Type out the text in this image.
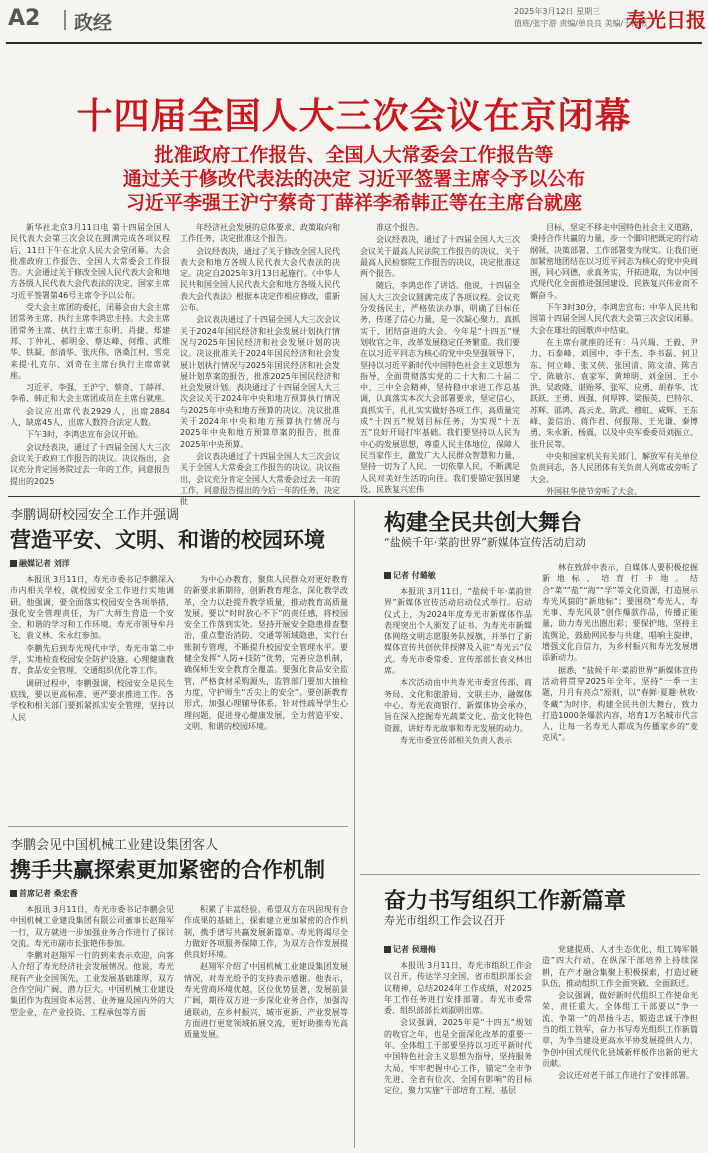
A2 政经
2025年3月12日 星期三
值班/张宇游 责编/单良良 美编/于梅燕
寿光日报
十四届全国人大三次会议在京闭幕
批准政府工作报告、全国人大常委会工作报告等
通过关于修改代表法的决定 习近平签署主席令予以公布
习近平李强王沪宁蔡奇丁薛祥李希韩正等在主席台就座

新华社北京3月11日电 第十四届全国人民代表大会第三次会议在圆满完成各项议程后，11日下午在北京人民大会堂闭幕。大会批准政府工作报告、全国人大常委会工作报告。大会通过关于修改全国人民代表大会和地方各级人民代表大会代表法的决定，国家主席习近平签署第46号主席令予以公布。

受大会主席团的委托，闭幕会由大会主席团常务主席、执行主席李鸿忠主持。大会主席团常务主席、执行主席王东明、肖捷、郑建邦、丁仲礼、郝明金、蔡达峰、何维、武维华、铁凝、彭清华、张庆伟、洛桑江村、雪克来提·扎克尔、刘奇在主席台执行主席席就座。

习近平、李强、王沪宁、蔡奇、丁薛祥、李希、韩正和大会主席团成员在主席台就座。

会议应出席代表2929人，出席2884人，缺席45人，出席人数符合法定人数。

下午3时，李鸿忠宣布会议开始。

会议经表决，通过了十四届全国人大三次会议关于政府工作报告的决议。决议指出，会议充分肯定国务院过去一年的工作，同意报告提出的2025

年经济社会发展的总体要求、政策取向和工作任务，决定批准这个报告。

会议经表决，通过了关于修改全国人民代表大会和地方各级人民代表大会代表法的决定。决定自2025年3月13日起施行。《中华人民共和国全国人民代表大会和地方各级人民代表大会代表法》根据本决定作相应修改，重新公布。

会议表决通过了十四届全国人大三次会议关于2024年国民经济和社会发展计划执行情况与2025年国民经济和社会发展计划的决议。决议批准关于2024年国民经济和社会发展计划执行情况与2025年国民经济和社会发展计划草案的报告，批准2025年国民经济和社会发展计划。表决通过了十四届全国人大三次会议关于2024年中央和地方预算执行情况与2025年中央和地方预算的决议。决议批准关于2024年中央和地方预算执行情况与2025年中央和地方预算草案的报告，批准2025年中央预算。

会议表决通过了十四届全国人大三次会议关于全国人大常委会工作报告的决议。决议指出，会议充分肯定全国人大常委会过去一年的工作，同意报告提出的今后一年的任务，决定批

准这个报告。

会议经表决，通过了十四届全国人大三次会议关于最高人民法院工作报告的决议、关于最高人民检察院工作报告的决议，决定批准这两个报告。

随后，李鸿忠作了讲话。他说，十四届全国人大三次会议圆满完成了各项议程。会议充分发扬民主，严格依法办事，明确了目标任务，传递了信心力量，是一次凝心聚力、真抓实干、团结奋进的大会。今年是“十四五”规划收官之年，改革发展稳定任务繁重。我们要在以习近平同志为核心的党中央坚强领导下，坚持以习近平新时代中国特色社会主义思想为指导，全面贯彻落实党的二十大和二十届二中、三中全会精神，坚持稳中求进工作总基调，认真落实本次大会部署要求，坚定信心，真抓实干，扎扎实实做好各项工作，高质量完成“十四五”规划目标任务，为实现“十五五”良好开局打牢基础。我们要坚持以人民为中心的发展思想，尊重人民主体地位，保障人民当家作主，激发广大人民群众智慧和力量，坚持一切为了人民、一切依靠人民，不断满足人民对美好生活的向往。我们要锚定强国建设、民族复兴宏伟

目标，坚定不移走中国特色社会主义道路，秉持合作共赢的力量，步一个脚印把既定的行动纲领、决策部署、工作部署变为现实。让我们更加紧密地团结在以习近平同志为核心的党中央周围，同心同德，求真务实，开拓进取，为以中国式现代化全面推进强国建设、民族复兴伟业而不懈奋斗。

下午3时30分，李鸿忠宣布：中华人民共和国第十四届全国人民代表大会第三次会议闭幕。大会在雄壮的国歌声中结束。

在主席台就座的还有：马兴瑞、王毅、尹力、石泰峰、刘国中、李干杰、李书磊、何卫东、何立峰、张又侠、张国清、陈文清、陈吉宁、陈敏尔、袁家军、黄坤明、刘金国、王小洪、吴政隆、谌贻琴、张军、应勇、胡春华、沈跃跃、王勇、周强、何厚铧、梁振英、巴特尔、苏辉、邵鸿、高云龙、陈武、穆虹、咸辉、王东峰、姜信治、蒋作君、何报翔、王光谦、秦博勇、朱永新、杨震，以及中央军委委员刘振立、张升民等。

中央和国家机关有关部门、解放军有关单位负责同志，各人民团体有关负责人列席或旁听了大会。

外国驻华使节旁听了大会。

李鹏调研校园安全工作并强调
营造平安、文明、和谐的校园环境
融媒记者 刘洋

本报讯 3月11日，寿光市委书记李鹏深入市内相关学校，就校园安全工作进行实地调研。他强调，要全面落实校园安全各项举措，强化安全管理责任，为广大师生营造一个安全、和谐的学习和工作环境。寿光市领导牟丹飞、袁义林、朱永红参加。

李鹏先后到寿光现代中学、寿光市第二中学，实地检查校园安全防护设施、心理健康教育、食品安全管理、交通组织优化等工作。

调研过程中，李鹏强调，校园安全是民生底线，要以更高标准、更严要求推进工作。各学校和相关部门要抓紧抓实安全管理，坚持以人民

为中心办教育，聚焦人民群众对更好教育的新要求新期待，创新教育理念，深化教学改革，全力以赴提升教学质量，推动教育高质量发展。要以“时时放心不下”的责任感，将校园安全工作落到实处。坚持开展安全隐患排查整治，重点整治消防、交通等领域隐患，实行台账制专管理，不断提升校园安全管理水平。要健全发挥“人防+技防”优势，完善应急机制，确保师生安全教育全覆盖。要强化食品安全监管，严格食材采购源头，监管部门要加大抽检力度，守护师生“舌尖上的安全”。要创新教育形式，加强心理辅导体系，针对性疏导学生心理问题，促进身心健康发展，全力营造平安、文明、和谐的校园环境。

构建全民共创大舞台
“盐候千年·菜韵世界”新媒体宣传活动启动
记者 付璐敏

本报讯 3月11日，“盐候千年·菜韵世界”新媒体宣传活动启动仪式举行。启动仪式上，为2024年度寿光市新媒体作品表现突出个人颁发了证书。为寿光市新媒体网络文明志愿服务队授旗，并举行了新媒体宣传共创伙伴授牌及入驻“寿光云”仪式。寿光市委常委、宣传部部长袁义林出席。

本次活动由中共寿光市委宣传部、商务局、文化和旅游局、文联主办，融媒体中心、寿光农商银行、新媒体协会承办，旨在深入挖掘寿光蔬菜文化、盐文化特色资源，讲好寿光故事和寿光发展的动力。

寿光市委宣传部相关负责人表示

林在致辞中表示，自媒体人要积极挖掘新地标、培育打卡地。结合“菜”“盐”“海”“学”等文化资源，打造展示寿光风貌的“新地标”；要围绕“寿光人、寿光事、寿光风景”创作爆款作品，传播正能量，助力寿光出圈出彩；要保护地，坚持主流舆论，鼓励网民参与共建，唱响主旋律，增强文化自信力，为乡村振兴和寿光发展增添新动力。

据悉，“盐候千年·菜韵世界”新媒体宣传活动将贯穿2025年全年，坚持“一季一主题，月月有亮点”原则，以“春鲜·夏趣·秋收·冬藏”为时序，构建全民共创大舞台，致力打造1000条爆款内容，培育1万名城市代言人，让每一名寿光人都成为传播家乡的“麦克风”。

李鹏会见中国机械工业建设集团客人
携手共赢探索更加紧密的合作机制
首席记者 桑宏香

本报讯 3月11日，寿光市委书记李鹏会见中国机械工业建设集团有限公司董事长赵翔军一行，双方就进一步加强业务合作进行了探讨交流。寿光市副市长张艳伟参加。

李鹏对赵翔军一行的到来表示欢迎，向客人介绍了寿光经济社会发展情况。他说，寿光现有产业全国领先，工业发展基础雄厚，双方合作空间广阔、潜力巨大。中国机械工业建设集团作为我国资本运营、业务遍及国内外的大型企业，在产业投资、工程承包等方面

积累了丰富经验。希望双方在巩固现有合作成果的基础上，探索建立更加紧密的合作机制，携手谱写共赢发展新篇章。寿光将竭尽全力做好各项服务保障工作，为双方合作发展提供良好环境。

赵翔军介绍了中国机械工业建设集团发展情况，对寿光给予的支持表示感谢。他表示，寿光营商环境优越，区位优势显著，发展前景广阔，期待双方进一步深化业务合作，加强沟通联动，在乡村振兴、城市更新、产业发展等方面进行更宽领域拓展交流，更好助推寿光高质量发展。

奋力书写组织工作新篇章
寿光市组织工作会议召开
记者 侯珊梅

本报讯 3月11日，寿光市组织工作会议召开，传达学习全国、省市组织部长会议精神，总结2024年工作成绩，对2025年工作任务进行安排部署。寿光市委常委、组织部部长刘淑明出席。

会议强调，2025年是“十四五”规划的收官之年，也是全面深化改革的重要一年。全体组工干部要坚持以习近平新时代中国特色社会主义思想为指导，坚持服务大局，牢牢把握中心工作，锚定“全市争先进、全省有位次、全国有影响”的目标定位，聚力实施“干部培育工程、基层

党建提质、人才生态优化、组工铸军锻造”四大行动，在纵深干部培养上持续深耕，在产才融合集聚上积极探索，打造过硬队伍，推动组织工作全面突破、全面跃迁。

会议强调，做好新时代组织工作使命光荣、责任重大。全体组工干部要以“争一流、争第一”的昂扬斗志，锻造忠诚干净担当的组工铁军，奋力书写寿光组织工作新篇章，为争当建设更高水平协发展提供人力，争创中国式现代化县域新样板作出新的更大贡献。

会议还对老干部工作进行了安排部署。
